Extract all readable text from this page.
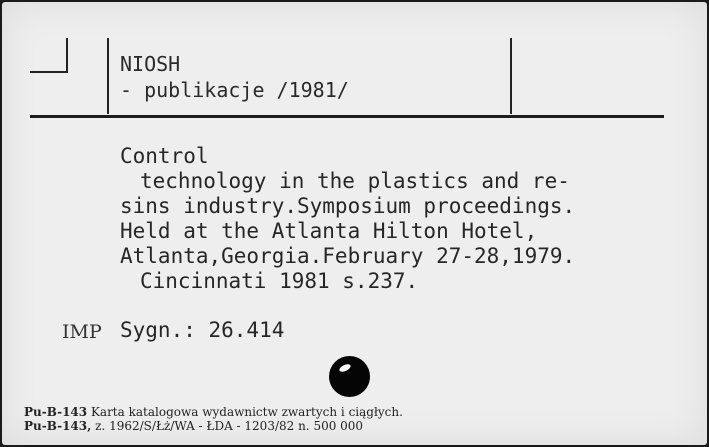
NIOSH
- publikacje /1981/
Control
technology in the plastics and re-
sins industry.Symposium proceedings.
Held at the Atlanta Hilton Hotel,
Atlanta,Georgia.February 27-28,1979.
Cincinnati 1981 s.237.
IMP Sygn.: 26.414
Pu-B-143 Karta katalogowa wydawnictw zwartych i ciągłych.
Pu-B-143, z. 1962/S/Łż/WA - ŁDA - 1203/82 n. 500 000
